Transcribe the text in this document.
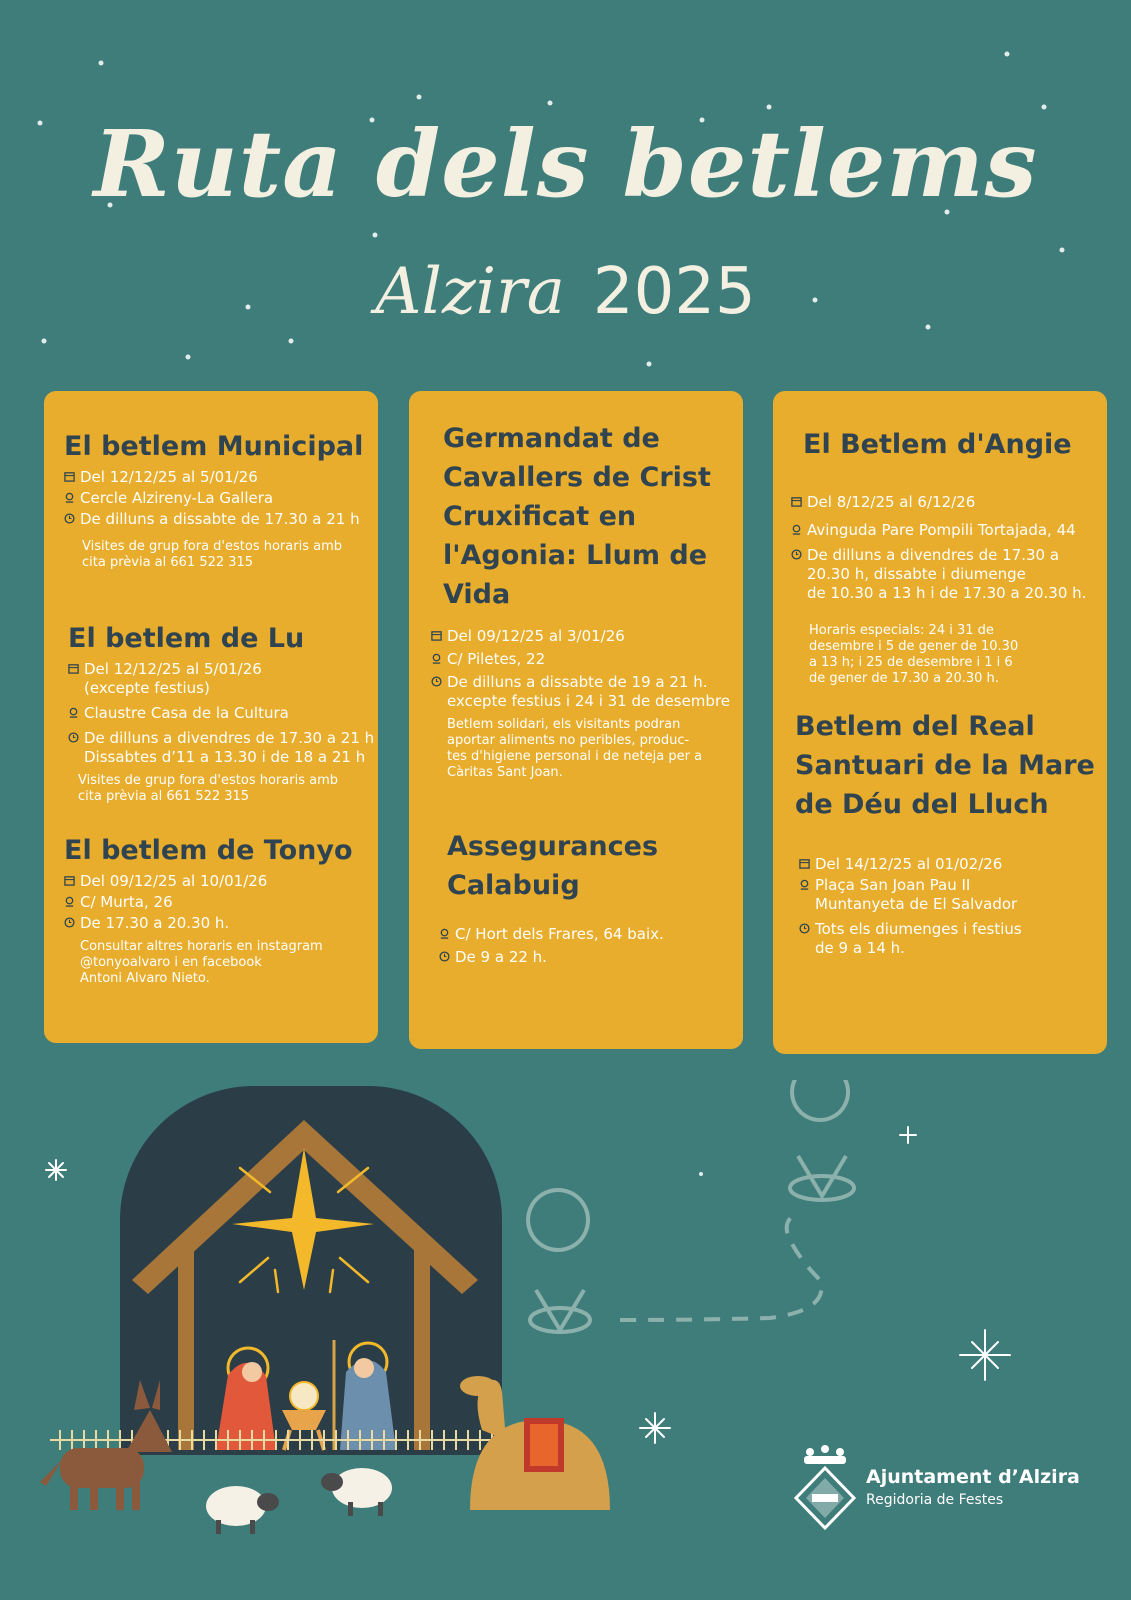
Ruta dels betlems
Alzira 2025
El betlem Municipal
Del 12/12/25 al 5/01/26
Cercle Alzireny-La Gallera
De dilluns a dissabte de 17.30 a 21 h
Visites de grup fora d'estos horaris amb
cita prèvia al 661 522 315
El betlem de Lu
Del 12/12/25 al 5/01/26
(excepte festius)
Claustre Casa de la Cultura
De dilluns a divendres de 17.30 a 21 h
Dissabtes d’11 a 13.30 i de 18 a 21 h
Visites de grup fora d'estos horaris amb
cita prèvia al 661 522 315
El betlem de Tonyo
Del 09/12/25 al 10/01/26
C/ Murta, 26
De 17.30 a 20.30 h.
Consultar altres horaris en instagram
@tonyoalvaro i en facebook
Antoni Alvaro Nieto.
Germandat de
Cavallers de Crist
Cruxificat en
l'Agonia: Llum de
Vida
Del 09/12/25 al 3/01/26
C/ Piletes, 22
De dilluns a dissabte de 19 a 21 h.
excepte festius i 24 i 31 de desembre
Betlem solidari, els visitants podran
aportar aliments no peribles, produc-
tes d'higiene personal i de neteja per a
Càritas Sant Joan.
Assegurances
Calabuig
C/ Hort dels Frares, 64 baix.
De 9 a 22 h.
El Betlem d'Angie
Del 8/12/25 al 6/12/26
Avinguda Pare Pompili Tortajada, 44
De dilluns a divendres de 17.30 a
20.30 h, dissabte i diumenge
de 10.30 a 13 h i de 17.30 a 20.30 h.
Horaris especials: 24 i 31 de
desembre i 5 de gener de 10.30
a 13 h; i 25 de desembre i 1 i 6
de gener de 17.30 a 20.30 h.
Betlem del Real
Santuari de la Mare
de Déu del Lluch
Del 14/12/25 al 01/02/26
Plaça San Joan Pau II
Muntanyeta de El Salvador
Tots els diumenges i festius
de 9 a 14 h.
Ajuntament d’Alzira
Regidoria de Festes
